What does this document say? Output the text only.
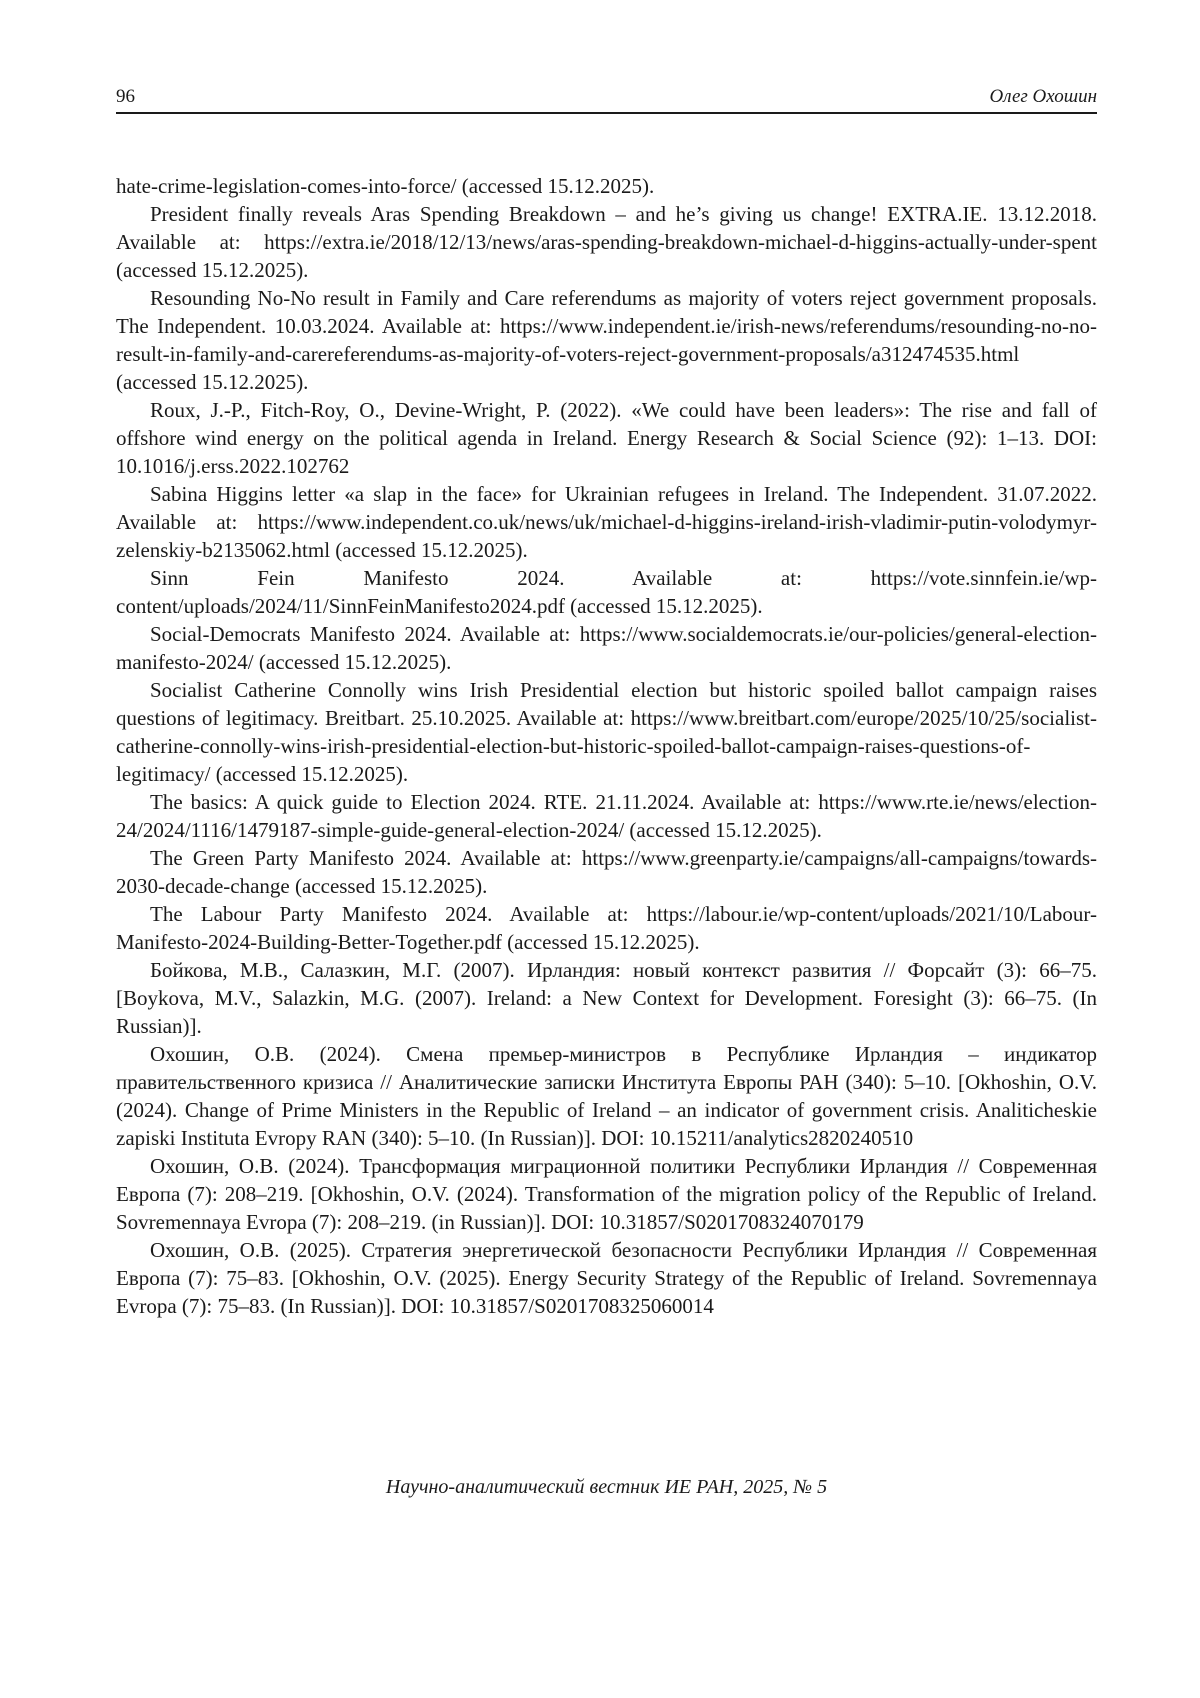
96	Олег Охошин

hate-crime-legislation-comes-into-force/ (accessed 15.12.2025).

President finally reveals Aras Spending Breakdown – and he’s giving us change! EXTRA.IE. 13.12.2018. Available at: https://extra.ie/2018/12/13/news/aras-spending-breakdown-michael-d-higgins-actually-under-spent (accessed 15.12.2025).

Resounding No-No result in Family and Care referendums as majority of voters reject government proposals. The Independent. 10.03.2024. Available at: https://www.independent.ie/irish-news/referendums/resounding-no-no-result-in-family-and-carereferendums-as-majority-of-voters-reject-government-proposals/a312474535.html (accessed 15.12.2025).

Roux, J.-P., Fitch-Roy, O., Devine-Wright, P. (2022). «We could have been leaders»: The rise and fall of offshore wind energy on the political agenda in Ireland. Energy Research & Social Science (92): 1–13. DOI: 10.1016/j.erss.2022.102762

Sabina Higgins letter «a slap in the face» for Ukrainian refugees in Ireland. The Independent. 31.07.2022. Available at: https://www.independent.co.uk/news/uk/michael-d-higgins-ireland-irish-vladimir-putin-volodymyr-zelenskiy-b2135062.html (accessed 15.12.2025).

Sinn Fein Manifesto 2024. Available at: https://vote.sinnfein.ie/wp-content/uploads/2024/11/SinnFeinManifesto2024.pdf (accessed 15.12.2025).

Social-Democrats Manifesto 2024. Available at: https://www.socialdemocrats.ie/our-policies/general-election-manifesto-2024/ (accessed 15.12.2025).

Socialist Catherine Connolly wins Irish Presidential election but historic spoiled ballot campaign raises questions of legitimacy. Breitbart. 25.10.2025. Available at: https://www.breitbart.com/europe/2025/10/25/socialist-catherine-connolly-wins-irish-presidential-election-but-historic-spoiled-ballot-campaign-raises-questions-of-legitimacy/ (accessed 15.12.2025).

The basics: A quick guide to Election 2024. RTE. 21.11.2024. Available at: https://www.rte.ie/news/election-24/2024/1116/1479187-simple-guide-general-election-2024/ (accessed 15.12.2025).

The Green Party Manifesto 2024. Available at: https://www.greenparty.ie/campaigns/all-campaigns/towards-2030-decade-change (accessed 15.12.2025).

The Labour Party Manifesto 2024. Available at: https://labour.ie/wp-content/uploads/2021/10/Labour-Manifesto-2024-Building-Better-Together.pdf (accessed 15.12.2025).

Бойкова, М.В., Салазкин, М.Г. (2007). Ирландия: новый контекст развития // Форсайт (3): 66–75. [Boykova, M.V., Salazkin, M.G. (2007). Ireland: a New Context for Development. Foresight (3): 66–75. (In Russian)].

Охошин, О.В. (2024). Смена премьер-министров в Республике Ирландия – индикатор правительственного кризиса // Аналитические записки Института Европы РАН (340): 5–10. [Okhoshin, O.V. (2024). Change of Prime Ministers in the Republic of Ireland – an indicator of government crisis. Analiticheskie zapiski Instituta Evropy RAN (340): 5–10. (In Russian)]. DOI: 10.15211/analytics2820240510

Охошин, О.В. (2024). Трансформация миграционной политики Республики Ирландия // Современная Европа (7): 208–219. [Okhoshin, O.V. (2024). Transformation of the migration policy of the Republic of Ireland. Sovremennaya Evropa (7): 208–219. (in Russian)]. DOI: 10.31857/S0201708324070179

Охошин, О.В. (2025). Стратегия энергетической безопасности Республики Ирландия // Современная Европа (7): 75–83. [Okhoshin, O.V. (2025). Energy Security Strategy of the Republic of Ireland. Sovremennaya Evropa (7): 75–83. (In Russian)]. DOI: 10.31857/S0201708325060014

Научно-аналитический вестник ИЕ РАН, 2025, № 5
